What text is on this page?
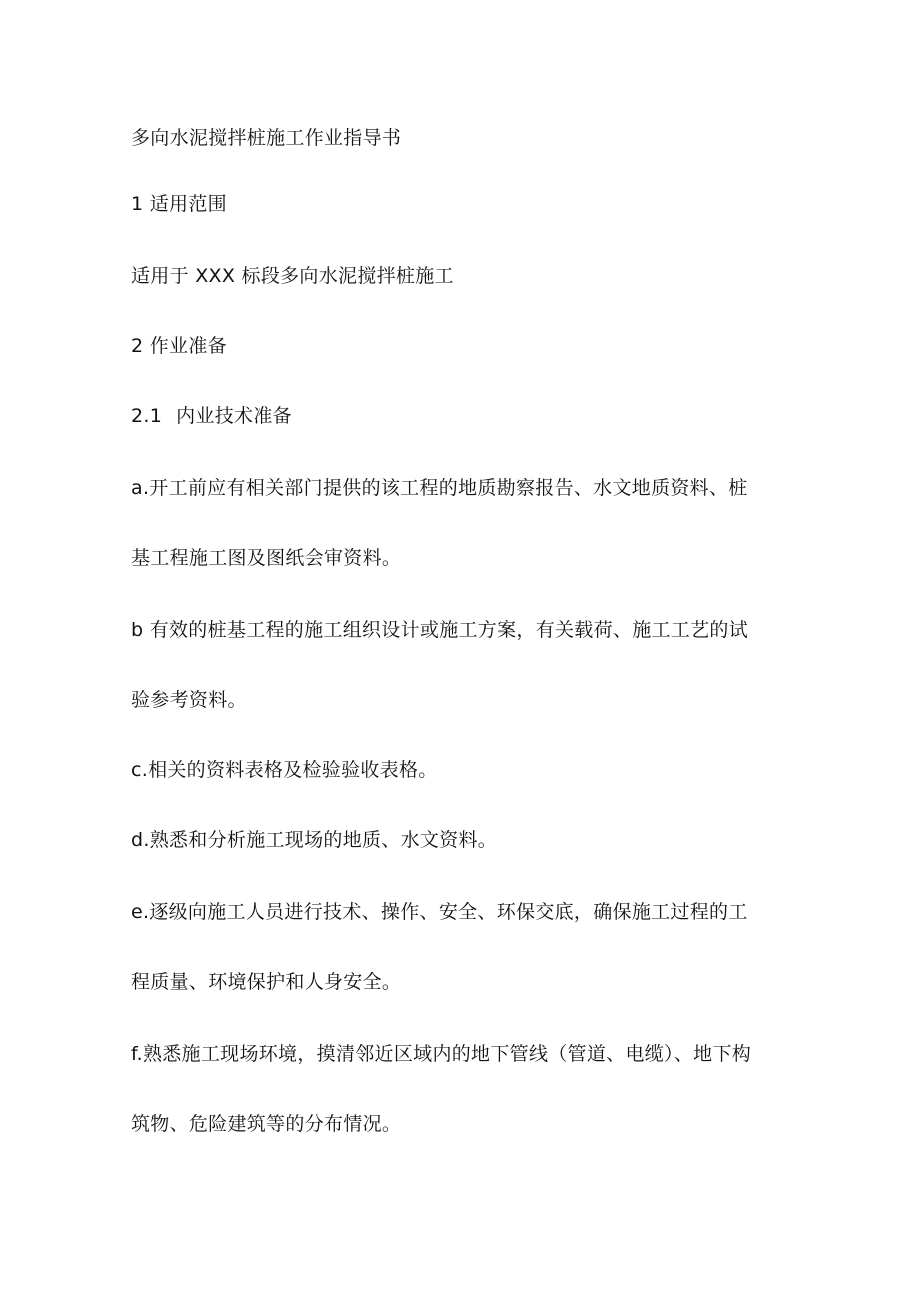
多向水泥搅拌桩施工作业指导书
1 适用范围
适用于 XXX 标段多向水泥搅拌桩施工
2 作业准备
2.1 内业技术准备
a.开工前应有相关部门提供的该工程的地质勘察报告、水文地质资料、桩
基工程施工图及图纸会审资料。
b 有效的桩基工程的施工组织设计或施工方案，有关载荷、施工工艺的试
验参考资料。
c.相关的资料表格及检验验收表格。
d.熟悉和分析施工现场的地质、水文资料。
e.逐级向施工人员进行技术、操作、安全、环保交底，确保施工过程的工
程质量、环境保护和人身安全。
f.熟悉施工现场环境，摸清邻近区域内的地下管线（管道、电缆）、地下构
筑物、危险建筑等的分布情况。
